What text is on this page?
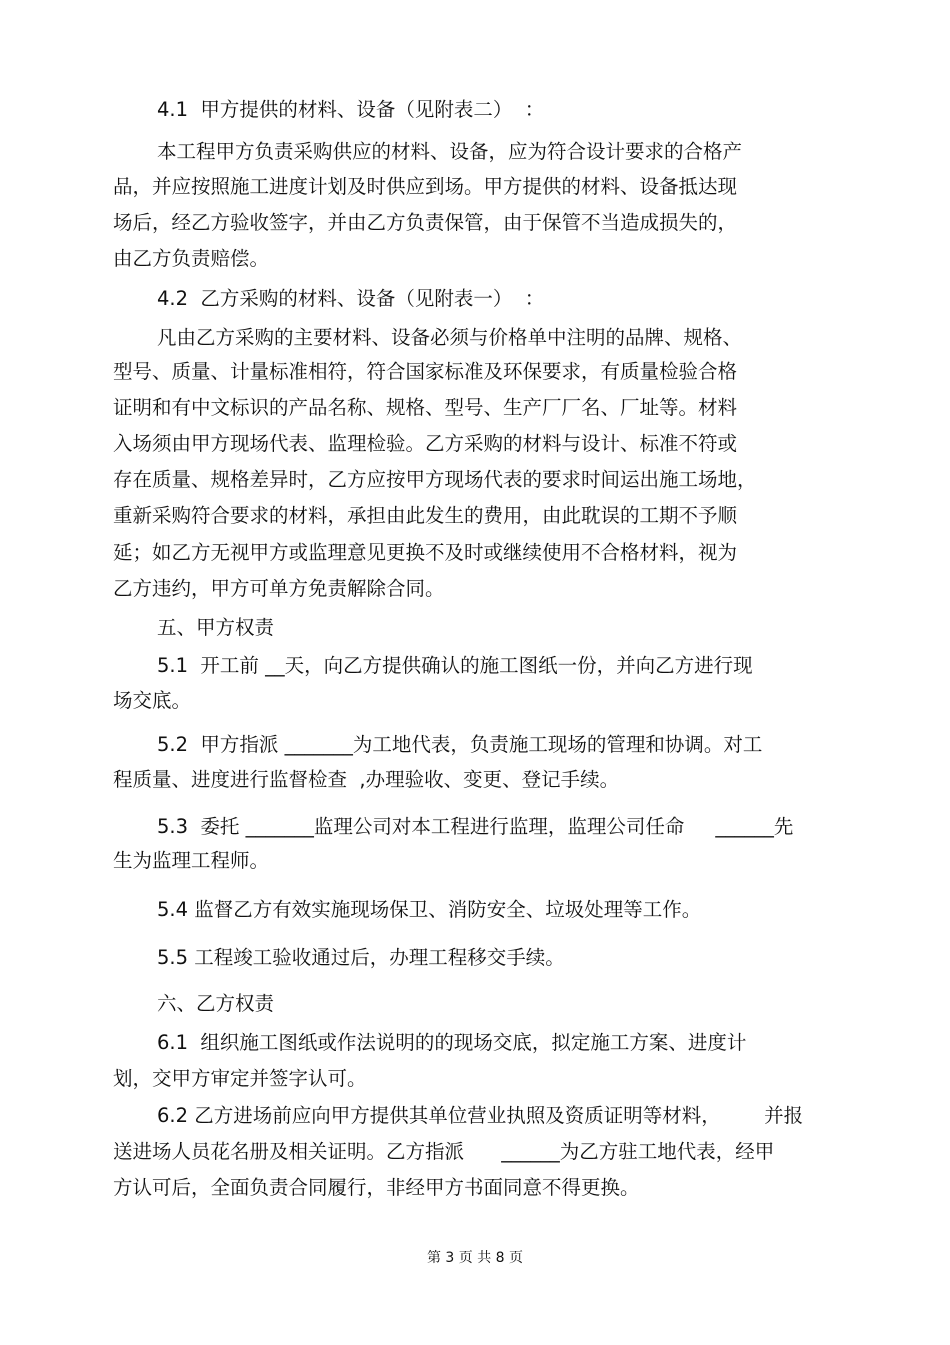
4.1  甲方提供的材料、设备（见附表二）  ：
本工程甲方负责采购供应的材料、设备，应为符合设计要求的合格产
品，并应按照施工进度计划及时供应到场。甲方提供的材料、设备抵达现
场后，经乙方验收签字，并由乙方负责保管，由于保管不当造成损失的，
由乙方负责赔偿。
4.2  乙方采购的材料、设备（见附表一）  ：
凡由乙方采购的主要材料、设备必须与价格单中注明的品牌、规格、
型号、质量、计量标准相符，符合国家标准及环保要求，有质量检验合格
证明和有中文标识的产品名称、规格、型号、生产厂厂名、厂址等。材料
入场须由甲方现场代表、监理检验。乙方采购的材料与设计、标准不符或
存在质量、规格差异时，乙方应按甲方现场代表的要求时间运出施工场地，
重新采购符合要求的材料，承担由此发生的费用，由此耽误的工期不予顺
延；如乙方无视甲方或监理意见更换不及时或继续使用不合格材料，视为
乙方违约，甲方可单方免责解除合同。
五、甲方权责
5.1  开工前 __天，向乙方提供确认的施工图纸一份，并向乙方进行现
场交底。
5.2  甲方指派 _______为工地代表，负责施工现场的管理和协调。对工
程质量、进度进行监督检查  ,办理验收、变更、登记手续。
5.3  委托 _______监理公司对本工程进行监理，监理公司任命     ______先
生为监理工程师。
5.4 监督乙方有效实施现场保卫、消防安全、垃圾处理等工作。
5.5 工程竣工验收通过后，办理工程移交手续。
六、乙方权责
6.1  组织施工图纸或作法说明的的现场交底，拟定施工方案、进度计
划，交甲方审定并签字认可。
6.2 乙方进场前应向甲方提供其单位营业执照及资质证明等材料，       并报
送进场人员花名册及相关证明。乙方指派      ______为乙方驻工地代表，经甲
方认可后，全面负责合同履行，非经甲方书面同意不得更换。
第 3 页 共 8 页
